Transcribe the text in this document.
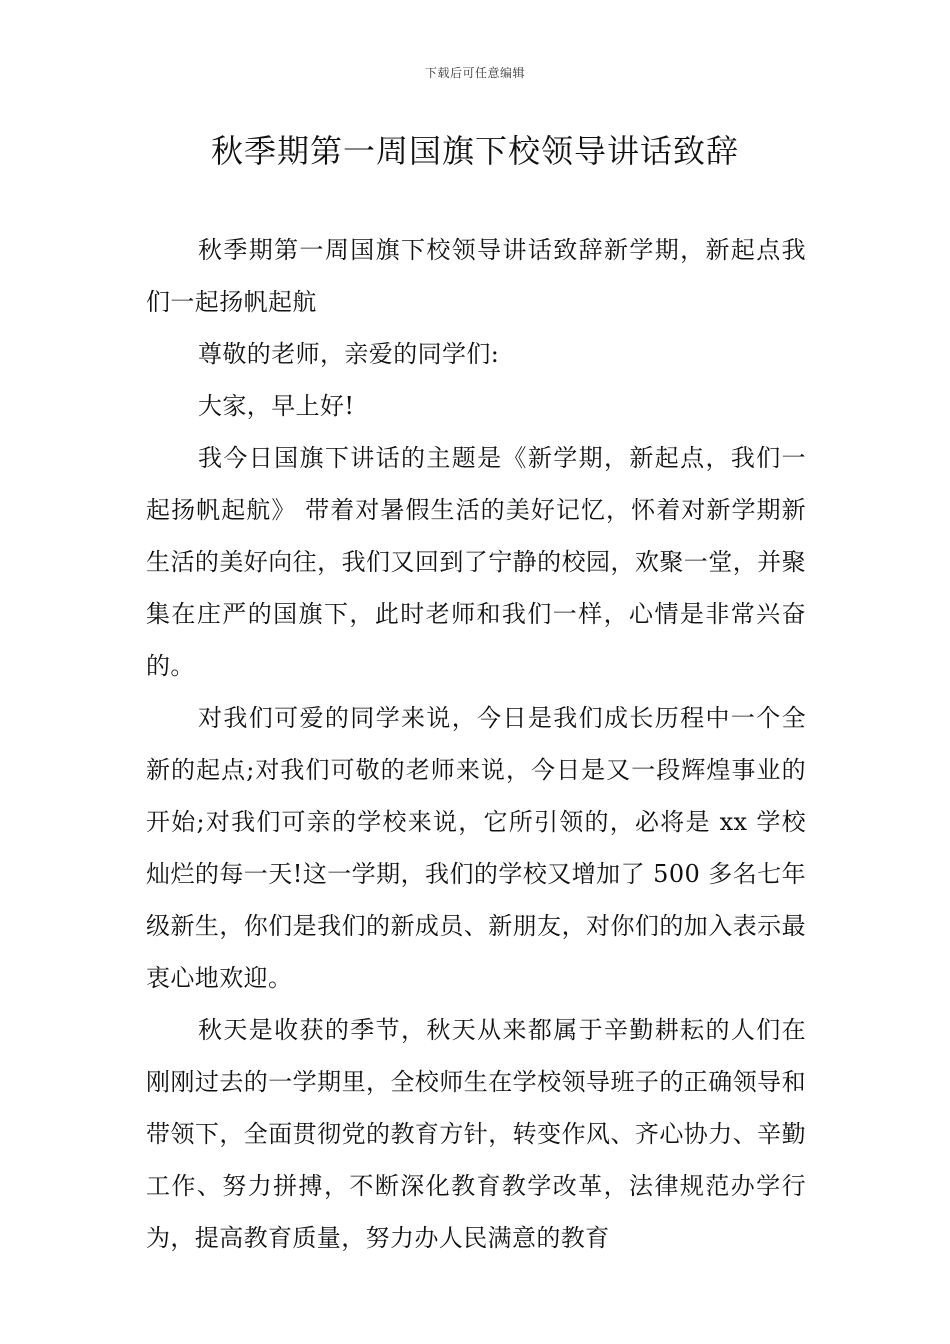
下载后可任意编辑
秋季期第一周国旗下校领导讲话致辞

秋季期第一周国旗下校领导讲话致辞新学期，新起点我们一起扬帆起航

尊敬的老师，亲爱的同学们:

大家，早上好!

我今日国旗下讲话的主题是《新学期，新起点，我们一起扬帆起航》 带着对暑假生活的美好记忆，怀着对新学期新生活的美好向往，我们又回到了宁静的校园，欢聚一堂，并聚集在庄严的国旗下，此时老师和我们一样，心情是非常兴奋的。

对我们可爱的同学来说，今日是我们成长历程中一个全新的起点;对我们可敬的老师来说，今日是又一段辉煌事业的开始;对我们可亲的学校来说，它所引领的，必将是 xx 学校灿烂的每一天!这一学期，我们的学校又增加了 500 多名七年级新生，你们是我们的新成员、新朋友，对你们的加入表示最衷心地欢迎。

秋天是收获的季节，秋天从来都属于辛勤耕耘的人们在刚刚过去的一学期里，全校师生在学校领导班子的正确领导和带领下，全面贯彻党的教育方针，转变作风、齐心协力、辛勤工作、努力拼搏，不断深化教育教学改革，法律规范办学行为，提高教育质量，努力办人民满意的教育
